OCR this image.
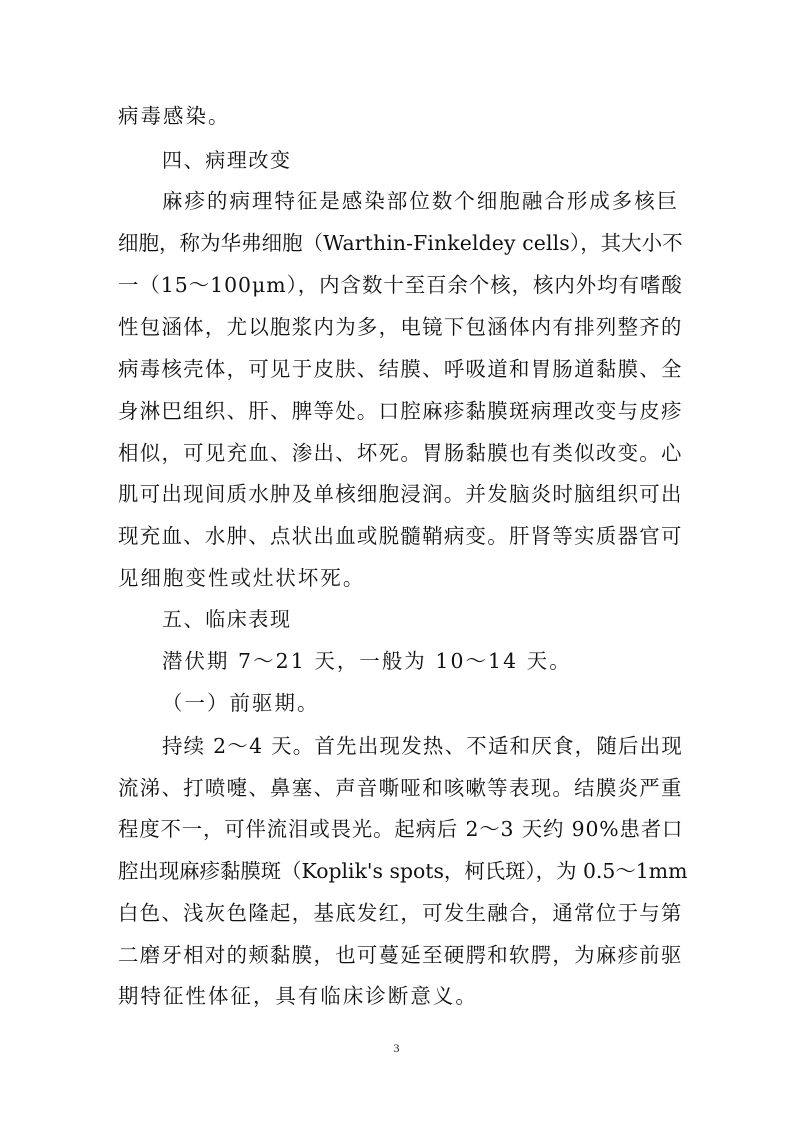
病毒感染。
四、病理改变
麻疹的病理特征是感染部位数个细胞融合形成多核巨
细胞，称为华弗细胞（Warthin-Finkeldey cells），其大小不
一（15～100μm），内含数十至百余个核，核内外均有嗜酸
性包涵体，尤以胞浆内为多，电镜下包涵体内有排列整齐的
病毒核壳体，可见于皮肤、结膜、呼吸道和胃肠道黏膜、全
身淋巴组织、肝、脾等处。口腔麻疹黏膜斑病理改变与皮疹
相似，可见充血、渗出、坏死。胃肠黏膜也有类似改变。心
肌可出现间质水肿及单核细胞浸润。并发脑炎时脑组织可出
现充血、水肿、点状出血或脱髓鞘病变。肝肾等实质器官可
见细胞变性或灶状坏死。
五、临床表现
潜伏期 7～21 天，一般为 10～14 天。
（一）前驱期。
持续 2～4 天。首先出现发热、不适和厌食，随后出现
流涕、打喷嚏、鼻塞、声音嘶哑和咳嗽等表现。结膜炎严重
程度不一，可伴流泪或畏光。起病后 2～3 天约 90%患者口
腔出现麻疹黏膜斑（Koplik's spots，柯氏斑），为 0.5～1mm
白色、浅灰色隆起，基底发红，可发生融合，通常位于与第
二磨牙相对的颊黏膜，也可蔓延至硬腭和软腭，为麻疹前驱
期特征性体征，具有临床诊断意义。
3
